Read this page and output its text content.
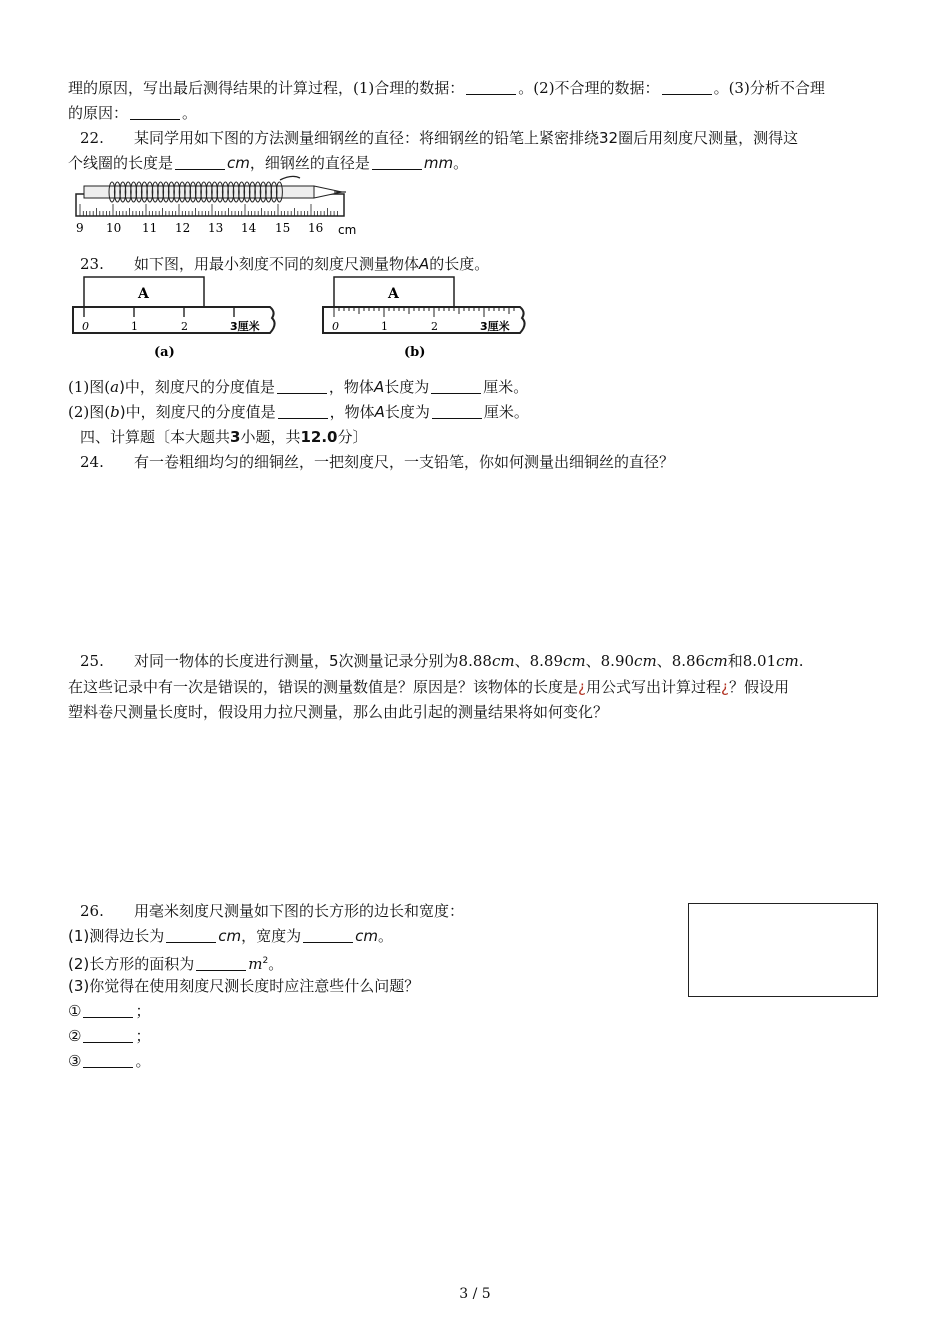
理的原因，写出最后测得结果的计算过程，(1)合理的数据：	。(2)不合理的数据：	。(3)分析不合理
的原因：	。
22. 某同学用如下图的方法测量细钢丝的直径：将细钢丝的铅笔上紧密排绕32圈后用刻度尺测量，测得这
个线圈的长度是	cm，细钢丝的直径是	mm。
9 10 11 12 13 14 15 16 cm
23. 如下图，用最小刻度不同的刻度尺测量物体A的长度。
A
0	1	2	3厘米
(a)
A
0	1	2	3厘米
(b)
(1)图(a)中，刻度尺的分度值是	，物体A长度为	厘米。
(2)图(b)中，刻度尺的分度值是	，物体A长度为	厘米。
四、计算题〔本大题共3小题，共12.0分〕
24. 有一卷粗细均匀的细铜丝，一把刻度尺，一支铅笔，你如何测量出细铜丝的直径？
25. 对同一物体的长度进行测量，5次测量记录分别为8.88cm、8.89cm、8.90cm、8.86cm和8.01cm.
在这些记录中有一次是错误的，错误的测量数值是？原因是？该物体的长度是¿用公式写出计算过程¿？假设用
塑料卷尺测量长度时，假设用力拉尺测量，那么由此引起的测量结果将如何变化？
26. 用毫米刻度尺测量如下图的长方形的边长和宽度：
(1)测得边长为	cm，宽度为	cm。
(2)长方形的面积为	$m^2$。
(3)你觉得在使用刻度尺测长度时应注意些什么问题？
①	；
②	；
③	。
3 / 5
